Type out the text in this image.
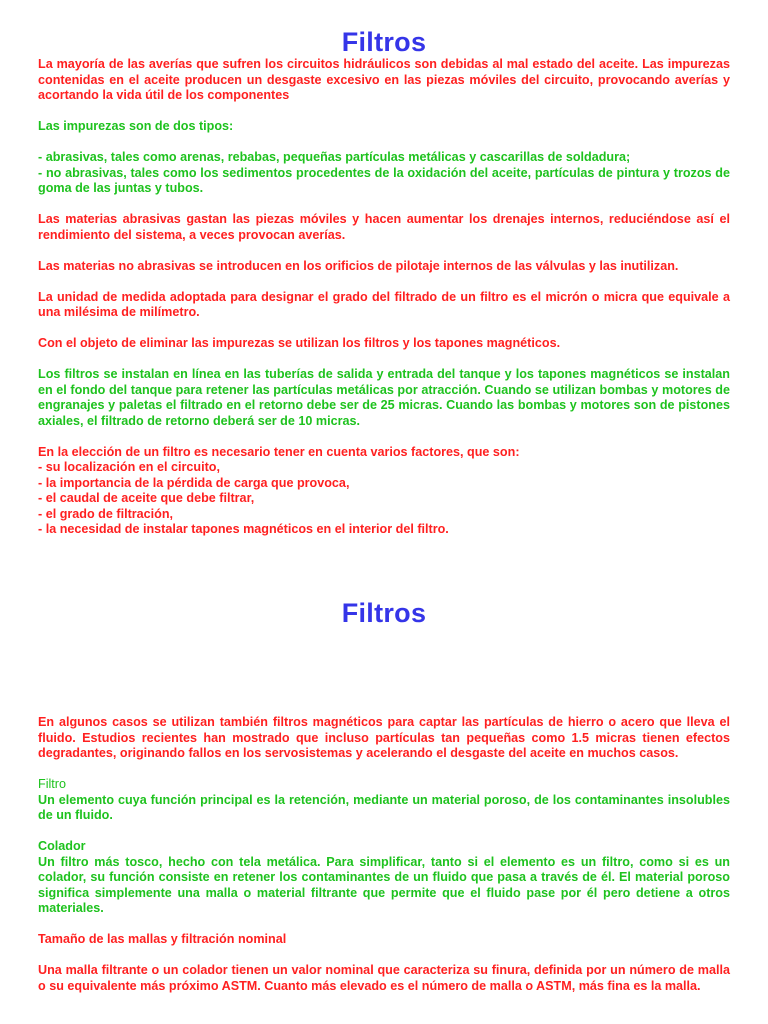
Filtros

La mayoría de las averías que sufren los circuitos hidráulicos son debidas al mal estado del aceite. Las impurezas contenidas en el aceite producen un desgaste excesivo en las piezas móviles del circuito, provocando averías y acortando la vida útil de los componentes

Las impurezas son de dos tipos:

- abrasivas, tales como arenas, rebabas, pequeñas partículas metálicas y cascarillas de soldadura;

- no abrasivas, tales como los sedimentos procedentes de la oxidación del aceite, partículas de pintura y trozos de goma de las juntas y tubos.

Las materias abrasivas gastan las piezas móviles y hacen aumentar los drenajes internos, reduciéndose así el rendimiento del sistema, a veces provocan averías.

Las materias no abrasivas se introducen en los orificios de pilotaje internos de las válvulas y las inutilizan.

La unidad de medida adoptada para designar el grado del filtrado de un filtro es el micrón o micra que equivale a una milésima de milímetro.

Con el objeto de eliminar las impurezas se utilizan los filtros y los tapones magnéticos.

Los filtros se instalan en línea en las tuberías de salida y entrada del tanque y los tapones magnéticos se instalan en el fondo del tanque para retener las partículas metálicas por atracción. Cuando se utilizan bombas y motores de engranajes y paletas el filtrado en el retorno debe ser de 25 micras. Cuando las bombas y motores son de pistones axiales, el filtrado de retorno deberá ser de 10 micras.

En la elección de un filtro es necesario tener en cuenta varios factores, que son:
- su localización en el circuito,
- la importancia de la pérdida de carga que provoca,
- el caudal de aceite que debe filtrar,
- el grado de filtración,
- la necesidad de instalar tapones magnéticos en el interior del filtro.
Filtros

En algunos casos se utilizan también filtros magnéticos para captar las partículas de hierro o acero que lleva el fluido. Estudios recientes han mostrado que incluso partículas tan pequeñas como 1.5 micras tienen efectos degradantes, originando fallos en los servosistemas y acelerando el desgaste del aceite en muchos casos.

Filtro

Un elemento cuya función principal es la retención, mediante un material poroso, de los contaminantes insolubles de un fluido.

Colador

Un filtro más tosco, hecho con tela metálica. Para simplificar, tanto si el elemento es un filtro, como si es un colador, su función consiste en retener los contaminantes de un fluido que pasa a través de él. El material poroso significa simplemente una malla o material filtrante que permite que el fluido pase por él pero detiene a otros materiales.

Tamaño de las mallas y filtración nominal

Una malla filtrante o un colador tienen un valor nominal que caracteriza su finura, definida por un número de malla o su equivalente más próximo ASTM. Cuanto más elevado es el número de malla o ASTM, más fina es la malla.
